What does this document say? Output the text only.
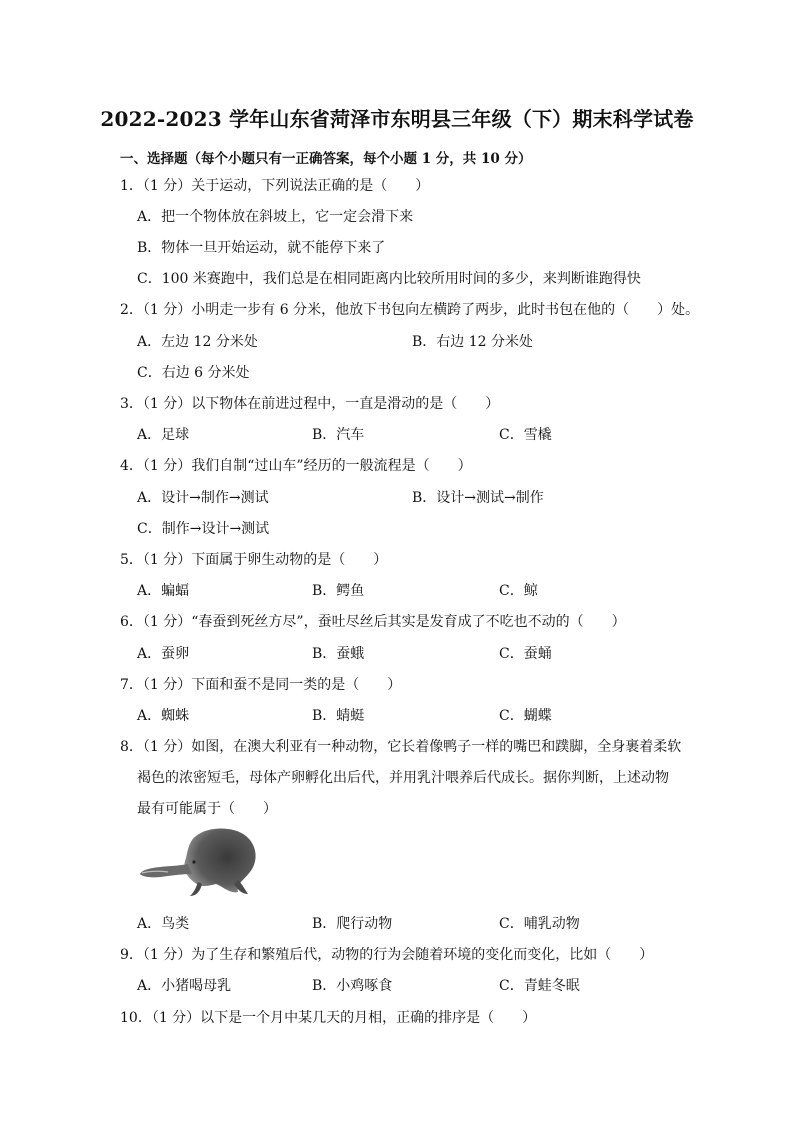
2022-2023 学年山东省菏泽市东明县三年级（下）期末科学试卷
一、选择题（每个小题只有一正确答案，每个小题 1 分，共 10 分）
1．（1 分）关于运动，下列说法正确的是（　　）
A．把一个物体放在斜坡上，它一定会滑下来
B．物体一旦开始运动，就不能停下来了
C．100 米赛跑中，我们总是在相同距离内比较所用时间的多少，来判断谁跑得快
2．（1 分）小明走一步有 6 分米，他放下书包向左横跨了两步，此时书包在他的（　　）处。
A．左边 12 分米处	B．右边 12 分米处
C．右边 6 分米处
3．（1 分）以下物体在前进过程中，一直是滑动的是（　　）
A．足球	B．汽车	C．雪橇
4．（1 分）我们自制“过山车”经历的一般流程是（　　）
A．设计→制作→测试	B．设计→测试→制作
C．制作→设计→测试
5．（1 分）下面属于卵生动物的是（　　）
A．蝙蝠	B．鳄鱼	C．鲸
6．（1 分）“春蚕到死丝方尽”，蚕吐尽丝后其实是发育成了不吃也不动的（　　）
A．蚕卵	B．蚕蛾	C．蚕蛹
7．（1 分）下面和蚕不是同一类的是（　　）
A．蜘蛛	B．蜻蜓	C．蝴蝶
8．（1 分）如图，在澳大利亚有一种动物，它长着像鸭子一样的嘴巴和蹼脚，全身裹着柔软
褐色的浓密短毛，母体产卵孵化出后代，并用乳汁喂养后代成长。据你判断，上述动物
最有可能属于（　　）
A．鸟类	B．爬行动物	C．哺乳动物
9．（1 分）为了生存和繁殖后代，动物的行为会随着环境的变化而变化，比如（　　）
A．小猪喝母乳	B．小鸡啄食	C．青蛙冬眠
10．（1 分）以下是一个月中某几天的月相，正确的排序是（　　）
